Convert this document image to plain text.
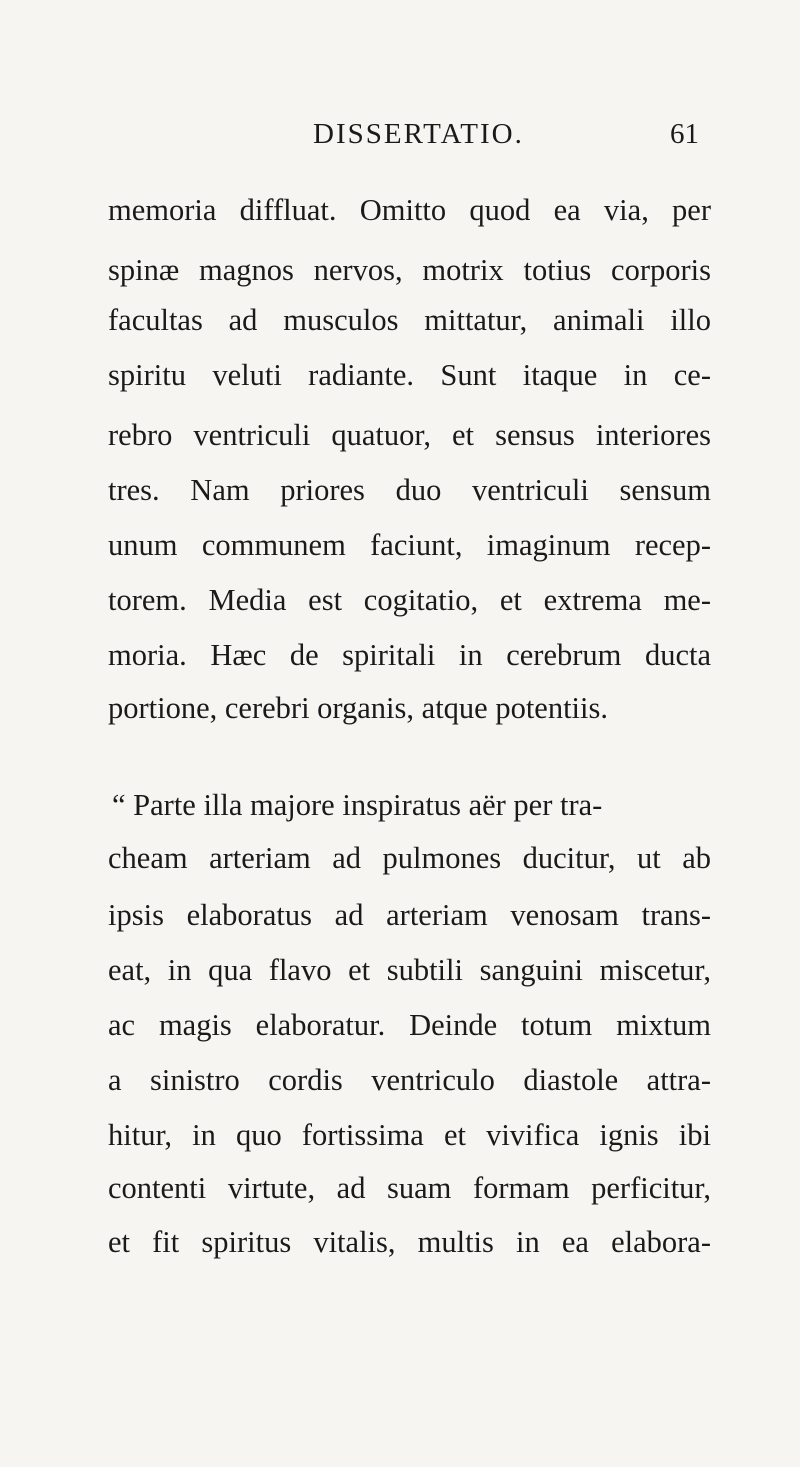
DISSERTATIO.	61
memoria diffluat. Omitto quod ea via, per
spinæ magnos nervos, motrix totius corporis
facultas ad musculos mittatur, animali illo
spiritu veluti radiante. Sunt itaque in ce-
rebro ventriculi quatuor, et sensus interiores
tres. Nam priores duo ventriculi sensum
unum communem faciunt, imaginum recep-
torem. Media est cogitatio, et extrema me-
moria. Hæc de spiritali in cerebrum ducta
portione, cerebri organis, atque potentiis.
“ Parte illa majore inspiratus aër per tra-
cheam arteriam ad pulmones ducitur, ut ab
ipsis elaboratus ad arteriam venosam trans-
eat, in qua flavo et subtili sanguini miscetur,
ac magis elaboratur. Deinde totum mixtum
a sinistro cordis ventriculo diastole attra-
hitur, in quo fortissima et vivifica ignis ibi
contenti virtute, ad suam formam perficitur,
et fit spiritus vitalis, multis in ea elabora-
